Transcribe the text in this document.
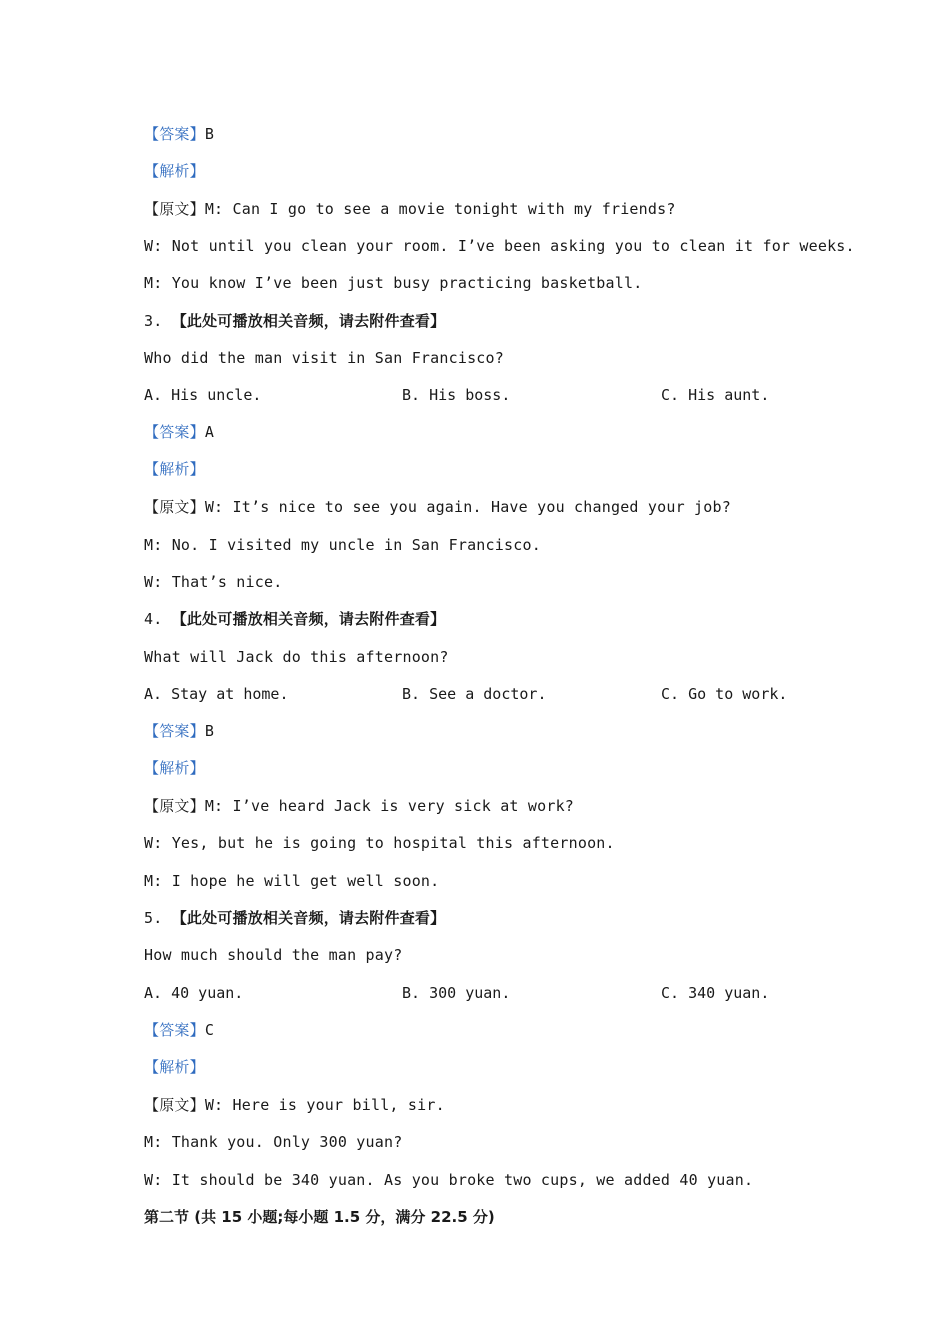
【答案】B
【解析】
【原文】M: Can I go to see a movie tonight with my friends?
W: Not until you clean your room. I’ve been asking you to clean it for weeks.
M: You know I’ve been just busy practicing basketball.
3. 【此处可播放相关音频，请去附件查看】
Who did the man visit in San Francisco?
A. His uncle.	B. His boss.	C. His aunt.
【答案】A
【解析】
【原文】W: It’s nice to see you again. Have you changed your job?
M: No. I visited my uncle in San Francisco.
W: That’s nice.
4. 【此处可播放相关音频，请去附件查看】
What will Jack do this afternoon?
A. Stay at home.	B. See a doctor.	C. Go to work.
【答案】B
【解析】
【原文】M: I’ve heard Jack is very sick at work?
W: Yes, but he is going to hospital this afternoon.
M: I hope he will get well soon.
5. 【此处可播放相关音频，请去附件查看】
How much should the man pay?
A. 40 yuan.	B. 300 yuan.	C. 340 yuan.
【答案】C
【解析】
【原文】W: Here is your bill, sir.
M: Thank you. Only 300 yuan?
W: It should be 340 yuan. As you broke two cups, we added 40 yuan.
第二节 (共 15 小题;每小题 1.5 分，满分 22.5 分)
